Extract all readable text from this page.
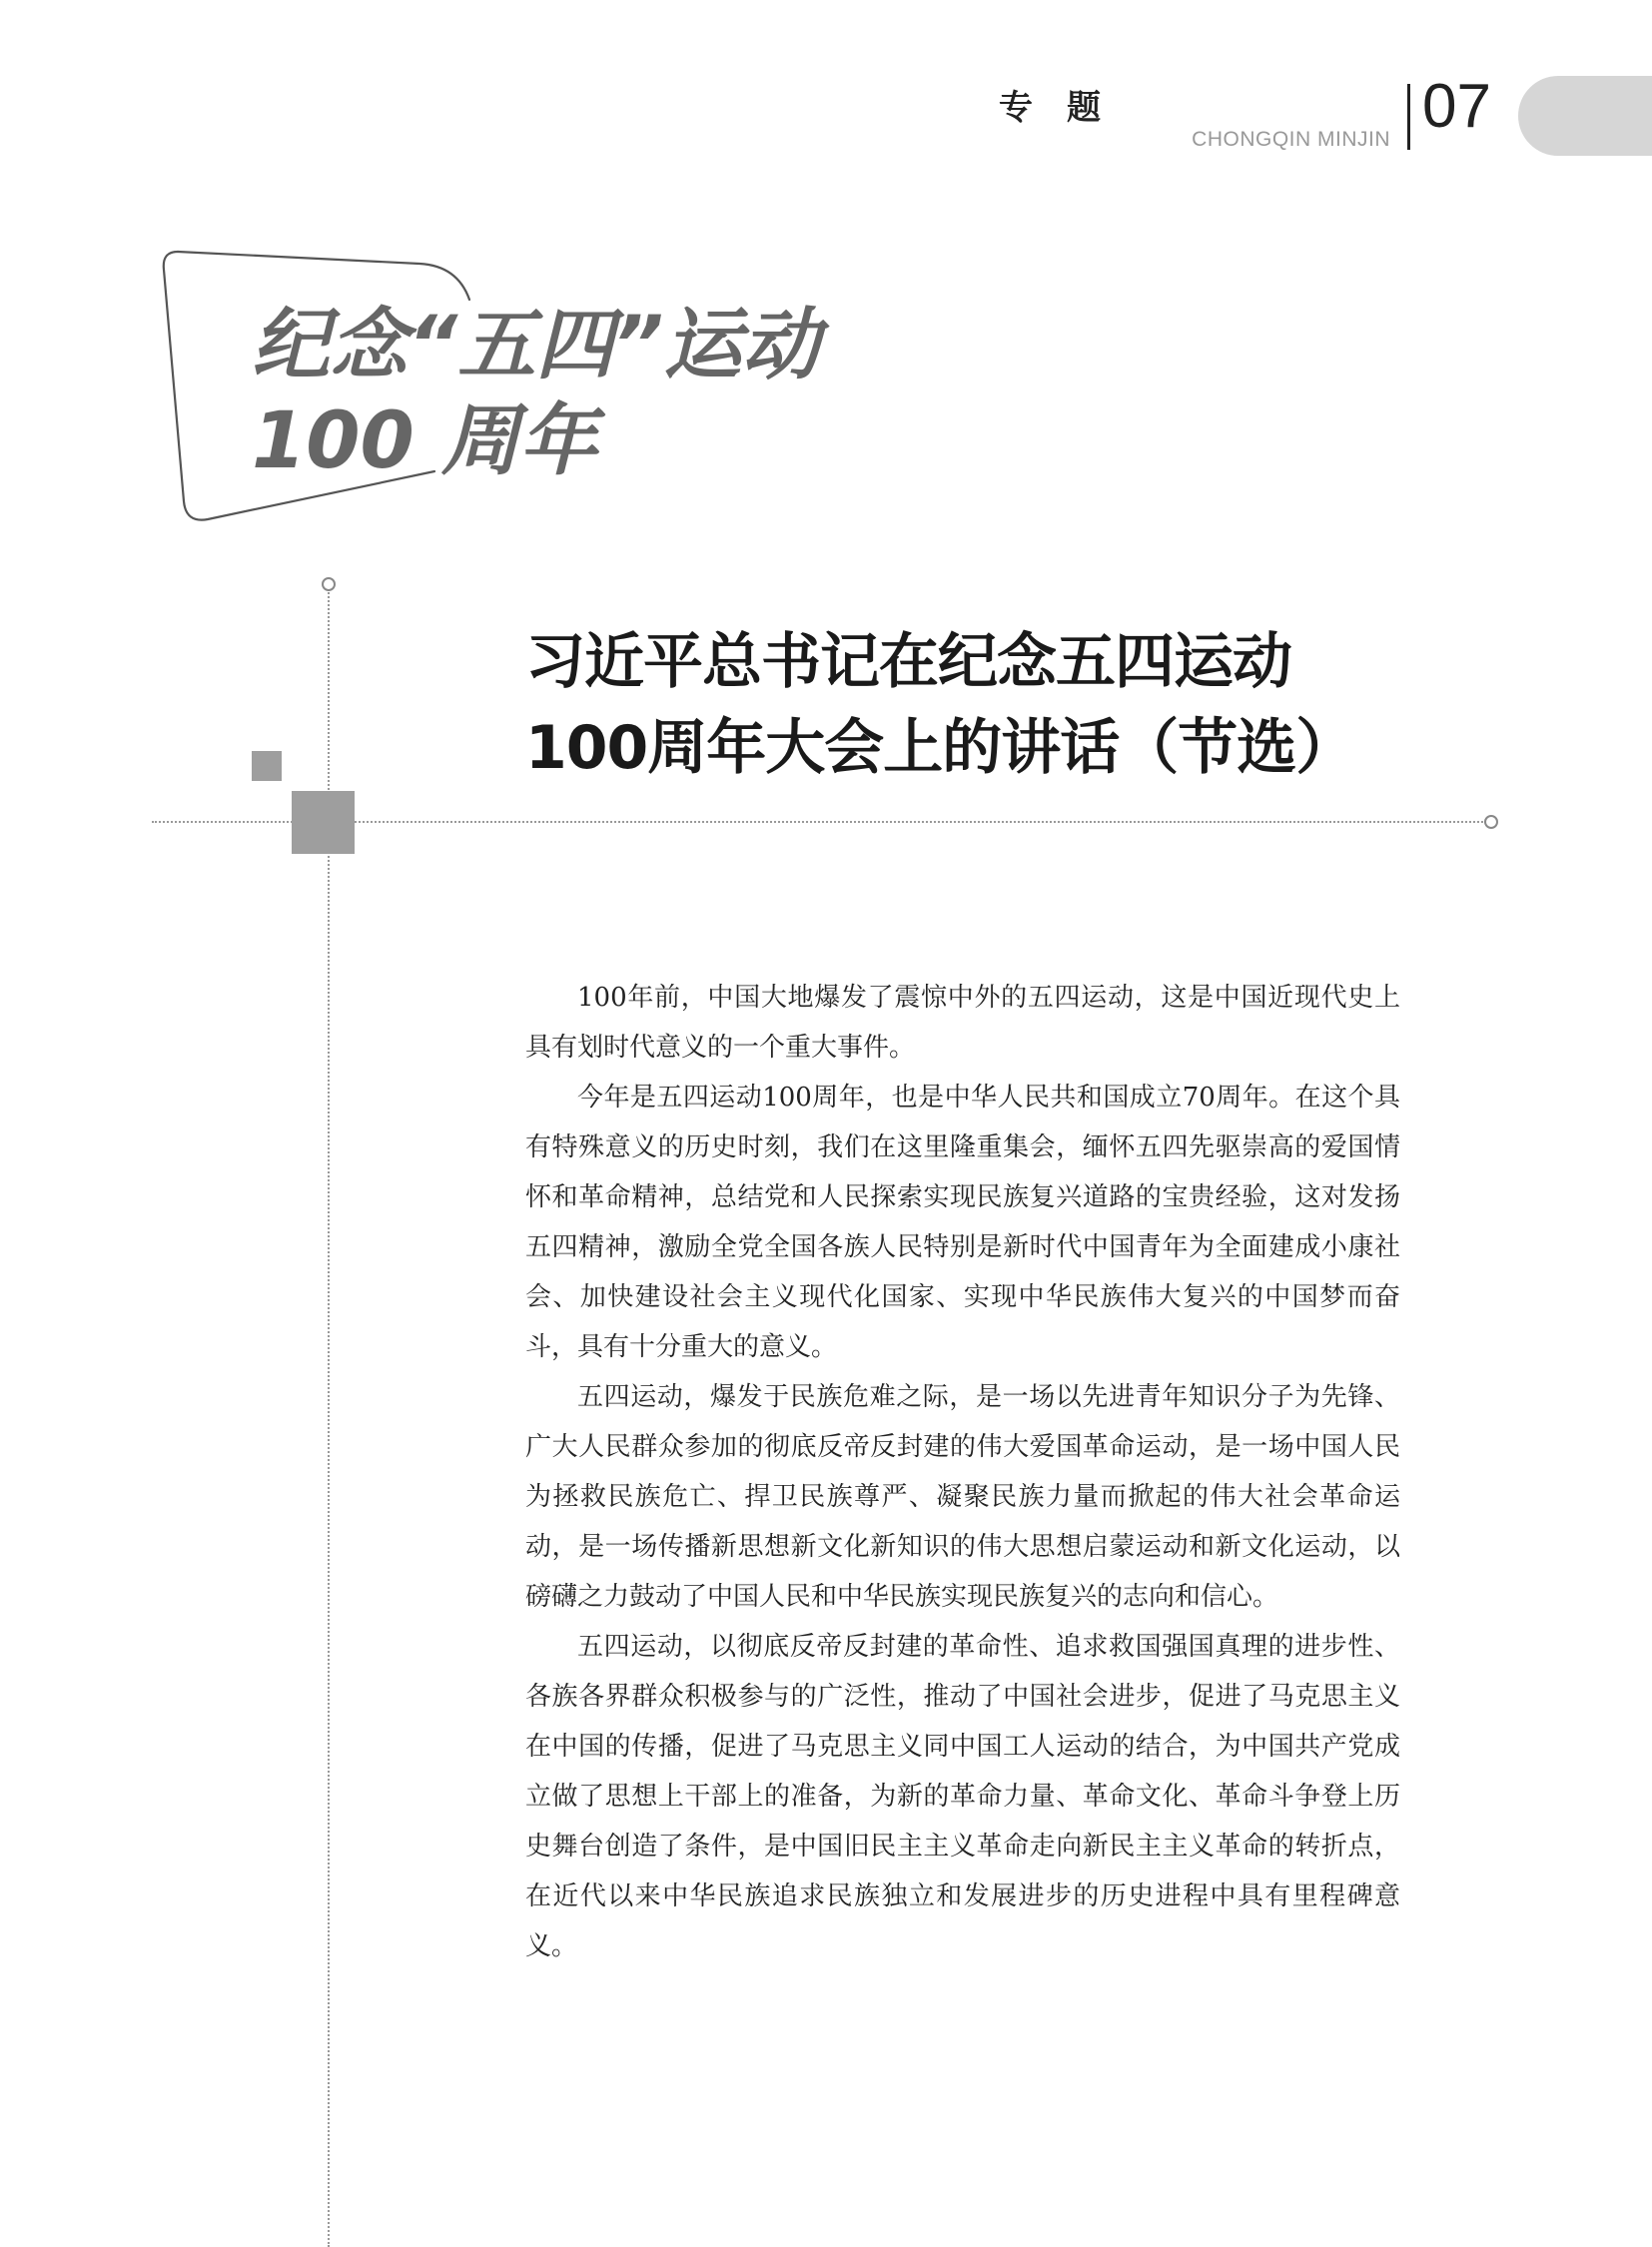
专题
CHONGQIN MINJIN 07
纪念“五四”运动
100 周年
习近平总书记在纪念五四运动
100周年大会上的讲话（节选）

100年前，中国大地爆发了震惊中外的五四运动，这是中国近现代史上具有划时代意义的一个重大事件。

今年是五四运动100周年，也是中华人民共和国成立70周年。在这个具有特殊意义的历史时刻，我们在这里隆重集会，缅怀五四先驱崇高的爱国情怀和革命精神，总结党和人民探索实现民族复兴道路的宝贵经验，这对发扬五四精神，激励全党全国各族人民特别是新时代中国青年为全面建成小康社会、加快建设社会主义现代化国家、实现中华民族伟大复兴的中国梦而奋斗，具有十分重大的意义。

五四运动，爆发于民族危难之际，是一场以先进青年知识分子为先锋、广大人民群众参加的彻底反帝反封建的伟大爱国革命运动，是一场中国人民为拯救民族危亡、捍卫民族尊严、凝聚民族力量而掀起的伟大社会革命运动，是一场传播新思想新文化新知识的伟大思想启蒙运动和新文化运动，以磅礴之力鼓动了中国人民和中华民族实现民族复兴的志向和信心。

五四运动，以彻底反帝反封建的革命性、追求救国强国真理的进步性、各族各界群众积极参与的广泛性，推动了中国社会进步，促进了马克思主义在中国的传播，促进了马克思主义同中国工人运动的结合，为中国共产党成立做了思想上干部上的准备，为新的革命力量、革命文化、革命斗争登上历史舞台创造了条件，是中国旧民主主义革命走向新民主主义革命的转折点，在近代以来中华民族追求民族独立和发展进步的历史进程中具有里程碑意义。
